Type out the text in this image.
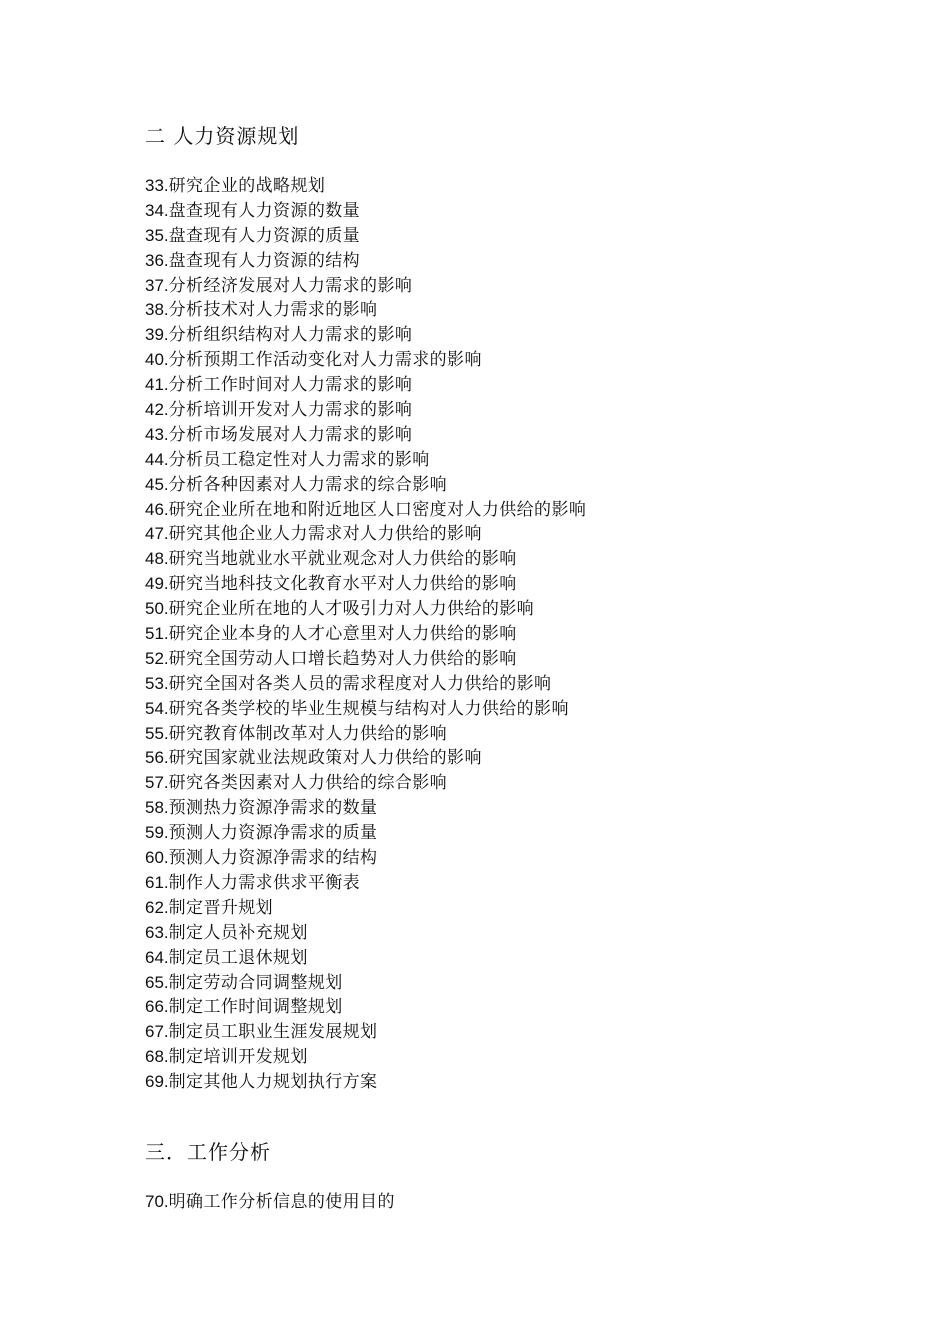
二 人力资源规划
33.研究企业的战略规划
34.盘查现有人力资源的数量
35.盘查现有人力资源的质量
36.盘查现有人力资源的结构
37.分析经济发展对人力需求的影响
38.分析技术对人力需求的影响
39.分析组织结构对人力需求的影响
40.分析预期工作活动变化对人力需求的影响
41.分析工作时间对人力需求的影响
42.分析培训开发对人力需求的影响
43.分析市场发展对人力需求的影响
44.分析员工稳定性对人力需求的影响
45.分析各种因素对人力需求的综合影响
46.研究企业所在地和附近地区人口密度对人力供给的影响
47.研究其他企业人力需求对人力供给的影响
48.研究当地就业水平就业观念对人力供给的影响
49.研究当地科技文化教育水平对人力供给的影响
50.研究企业所在地的人才吸引力对人力供给的影响
51.研究企业本身的人才心意里对人力供给的影响
52.研究全国劳动人口增长趋势对人力供给的影响
53.研究全国对各类人员的需求程度对人力供给的影响
54.研究各类学校的毕业生规模与结构对人力供给的影响
55.研究教育体制改革对人力供给的影响
56.研究国家就业法规政策对人力供给的影响
57.研究各类因素对人力供给的综合影响
58.预测热力资源净需求的数量
59.预测人力资源净需求的质量
60.预测人力资源净需求的结构
61.制作人力需求供求平衡表
62.制定晋升规划
63.制定人员补充规划
64.制定员工退休规划
65.制定劳动合同调整规划
66.制定工作时间调整规划
67.制定员工职业生涯发展规划
68.制定培训开发规划
69.制定其他人力规划执行方案
三．工作分析
70.明确工作分析信息的使用目的
